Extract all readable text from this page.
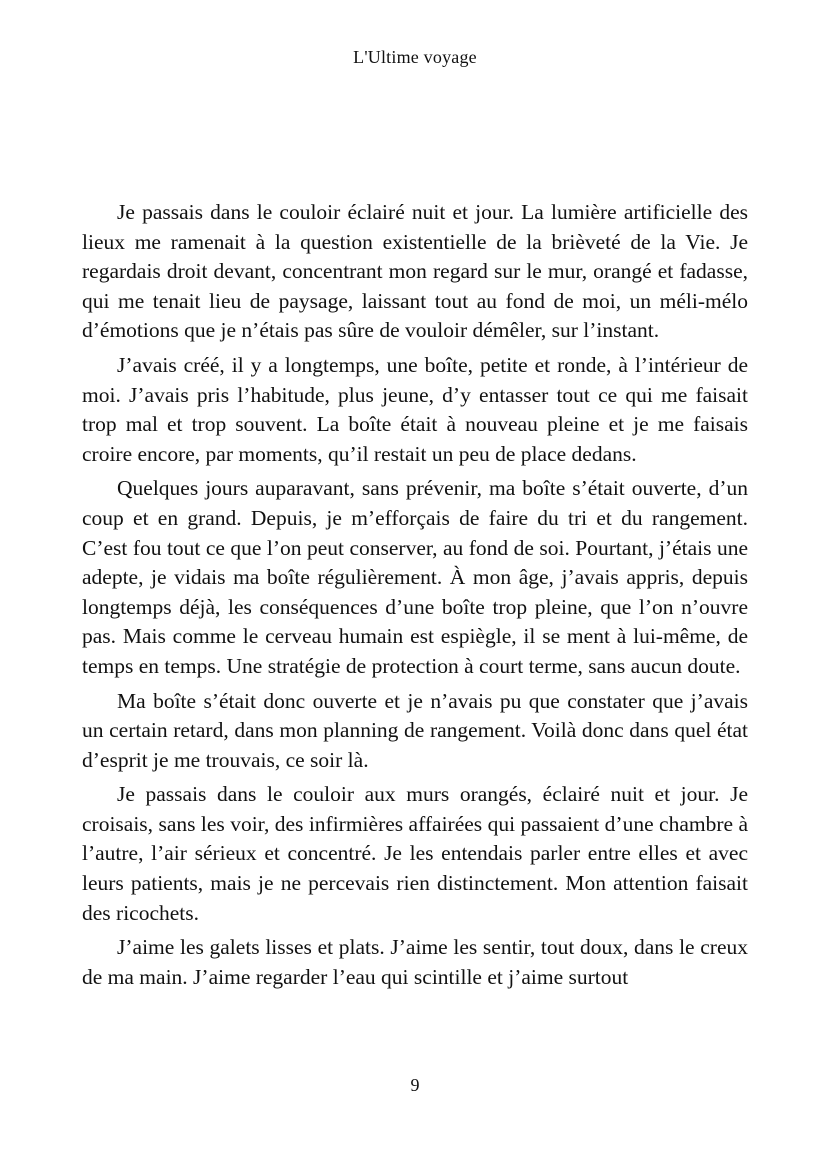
L'Ultime voyage

Je passais dans le couloir éclairé nuit et jour. La lumière artificielle des lieux me ramenait à la question existentielle de la brièveté de la Vie. Je regardais droit devant, concentrant mon regard sur le mur, orangé et fadasse, qui me tenait lieu de paysage, laissant tout au fond de moi, un méli-mélo d’émotions que je n’étais pas sûre de vouloir démêler, sur l’instant.

J’avais créé, il y a longtemps, une boîte, petite et ronde, à l’intérieur de moi. J’avais pris l’habitude, plus jeune, d’y entasser tout ce qui me faisait trop mal et trop souvent. La boîte était à nouveau pleine et je me faisais croire encore, par moments, qu’il restait un peu de place dedans.

Quelques jours auparavant, sans prévenir, ma boîte s’était ouverte, d’un coup et en grand. Depuis, je m’efforçais de faire du tri et du rangement. C’est fou tout ce que l’on peut conserver, au fond de soi. Pourtant, j’étais une adepte, je vidais ma boîte régulièrement. À mon âge, j’avais appris, depuis longtemps déjà, les conséquences d’une boîte trop pleine, que l’on n’ouvre pas. Mais comme le cerveau humain est espiègle, il se ment à lui-même, de temps en temps. Une stratégie de protection à court terme, sans aucun doute.

Ma boîte s’était donc ouverte et je n’avais pu que constater que j’avais un certain retard, dans mon planning de rangement. Voilà donc dans quel état d’esprit je me trouvais, ce soir là.

Je passais dans le couloir aux murs orangés, éclairé nuit et jour. Je croisais, sans les voir, des infirmières affairées qui passaient d’une chambre à l’autre, l’air sérieux et concentré. Je les entendais parler entre elles et avec leurs patients, mais je ne percevais rien distinctement. Mon attention faisait des ricochets.

J’aime les galets lisses et plats. J’aime les sentir, tout doux, dans le creux de ma main. J’aime regarder l’eau qui scintille et j’aime surtout

9
